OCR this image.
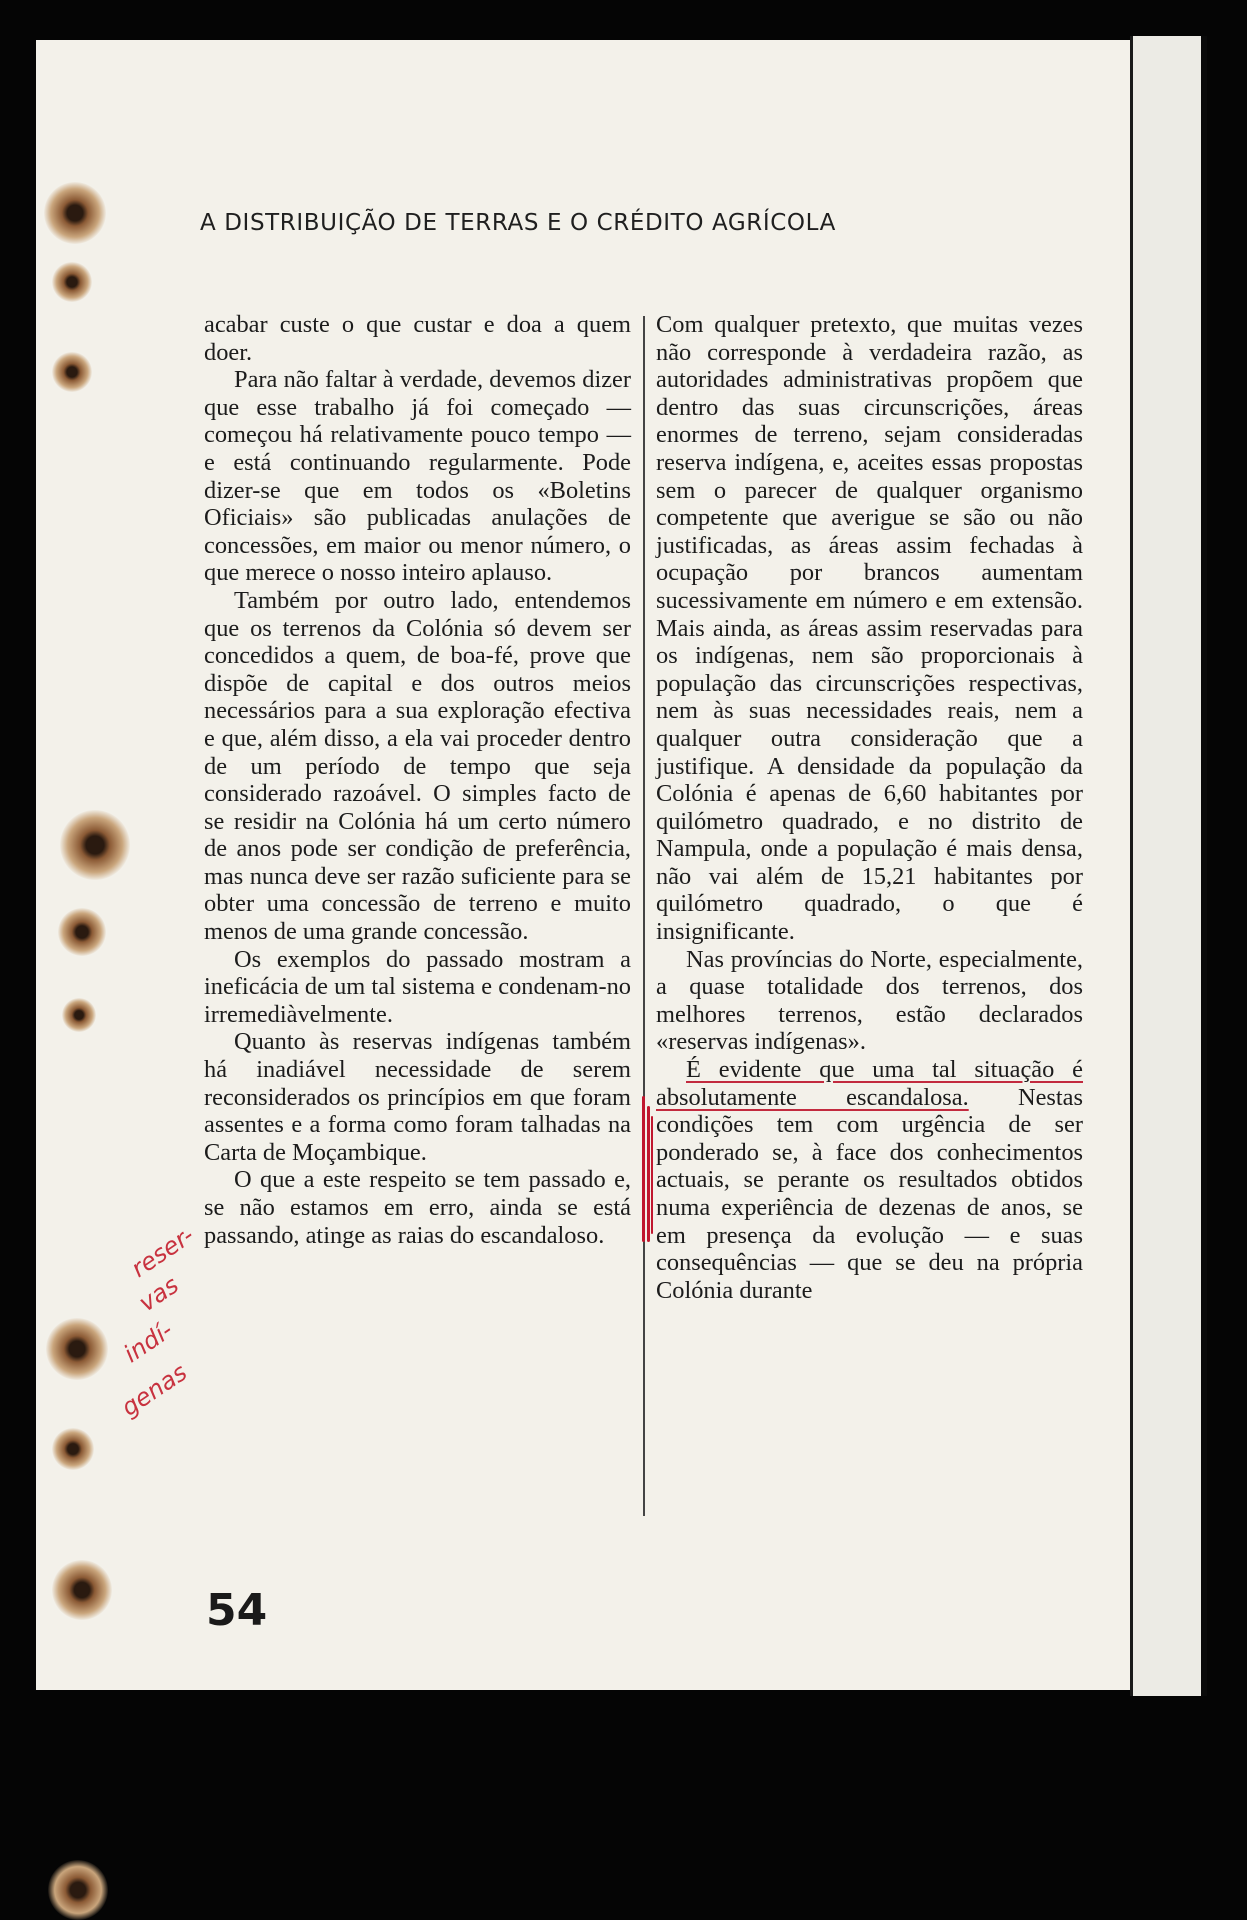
A DISTRIBUIÇÃO DE TERRAS E O CRÉDITO AGRÍCOLA

acabar custe o que custar e doa a quem doer.

Para não faltar à verdade, devemos dizer que esse trabalho já foi começado — começou há relativamente pouco tempo — e está continuando regularmente. Pode dizer-se que em todos os «Boletins Oficiais» são publicadas anulações de concessões, em maior ou menor número, o que merece o nosso inteiro aplauso.

Também por outro lado, entendemos que os terrenos da Colónia só devem ser concedidos a quem, de boa-fé, prove que dispõe de capital e dos outros meios necessários para a sua exploração efectiva e que, além disso, a ela vai proceder dentro de um período de tempo que seja considerado razoável. O simples facto de se residir na Colónia há um certo número de anos pode ser condição de preferência, mas nunca deve ser razão suficiente para se obter uma concessão de terreno e muito menos de uma grande concessão.

Os exemplos do passado mostram a ineficácia de um tal sistema e condenam-no irremediàvelmente.

Quanto às reservas indígenas também há inadiável necessidade de serem reconsiderados os princípios em que foram assentes e a forma como foram talhadas na Carta de Moçambique.

O que a este respeito se tem passado e, se não estamos em erro, ainda se está passando, atinge as raias do escandaloso.

Com qualquer pretexto, que muitas vezes não corresponde à verdadeira razão, as autoridades administrativas propõem que dentro das suas circunscrições, áreas enormes de terreno, sejam consideradas reserva indígena, e, aceites essas propostas sem o parecer de qualquer organismo competente que averigue se são ou não justificadas, as áreas assim fechadas à ocupação por brancos aumentam sucessivamente em número e em extensão. Mais ainda, as áreas assim reservadas para os indígenas, nem são proporcionais à população das circunscrições respectivas, nem às suas necessidades reais, nem a qualquer outra consideração que a justifique. A densidade da população da Colónia é apenas de 6,60 habitantes por quilómetro quadrado, e no distrito de Nampula, onde a população é mais densa, não vai além de 15,21 habitantes por quilómetro quadrado, o que é insignificante.

Nas províncias do Norte, especialmente, a quase totalidade dos terrenos, dos melhores terrenos, estão declarados «reservas indígenas».

É evidente que uma tal situação é absolutamente escandalosa. Nestas condições tem com urgência de ser ponderado se, à face dos conhecimentos actuais, se perante os resultados obtidos numa experiência de dezenas de anos, se em presença da evolução — e suas consequências — que se deu na própria Colónia durante

reser-
vas
indí-
genas
54
